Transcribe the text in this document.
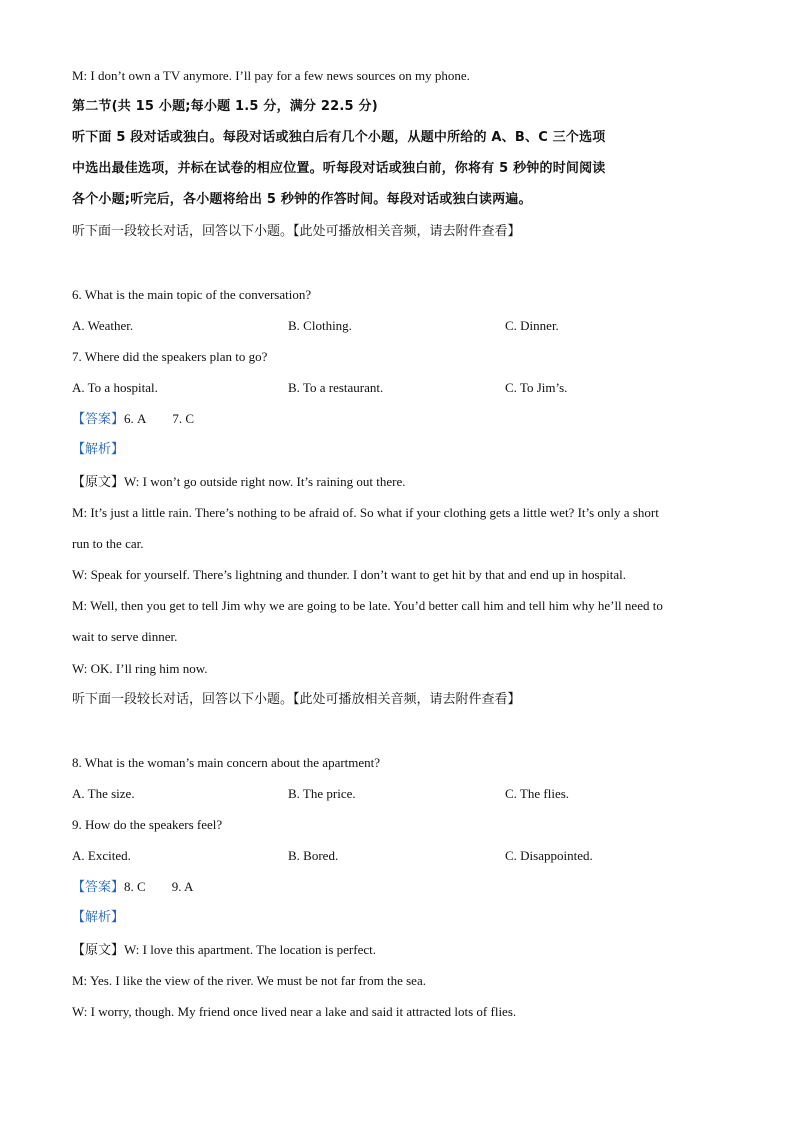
M: I don’t own a TV anymore. I’ll pay for a few news sources on my phone.
第二节(共 15 小题;每小题 1.5 分，满分 22.5 分)
听下面 5 段对话或独白。每段对话或独白后有几个小题，从题中所给的 A、B、C 三个选项
中选出最佳选项，并标在试卷的相应位置。听每段对话或独白前，你将有 5 秒钟的时间阅读
各个小题;听完后，各小题将给出 5 秒钟的作答时间。每段对话或独白读两遍。
听下面一段较长对话，回答以下小题。【此处可播放相关音频，请去附件查看】
6. What is the main topic of the conversation?
A. Weather.	B. Clothing.	C. Dinner.
7. Where did the speakers plan to go?
A. To a hospital.	B. To a restaurant.	C. To Jim’s.
【答案】6. A 7. C
【解析】
【原文】W: I won’t go outside right now. It’s raining out there.
M: It’s just a little rain. There’s nothing to be afraid of. So what if your clothing gets a little wet? It’s only a short
run to the car.
W: Speak for yourself. There’s lightning and thunder. I don’t want to get hit by that and end up in hospital.
M: Well, then you get to tell Jim why we are going to be late. You’d better call him and tell him why he’ll need to
wait to serve dinner.
W: OK. I’ll ring him now.
听下面一段较长对话，回答以下小题。【此处可播放相关音频，请去附件查看】
8. What is the woman’s main concern about the apartment?
A. The size.	B. The price.	C. The flies.
9. How do the speakers feel?
A. Excited.	B. Bored.	C. Disappointed.
【答案】8. C 9. A
【解析】
【原文】W: I love this apartment. The location is perfect.
M: Yes. I like the view of the river. We must be not far from the sea.
W: I worry, though. My friend once lived near a lake and said it attracted lots of flies.
